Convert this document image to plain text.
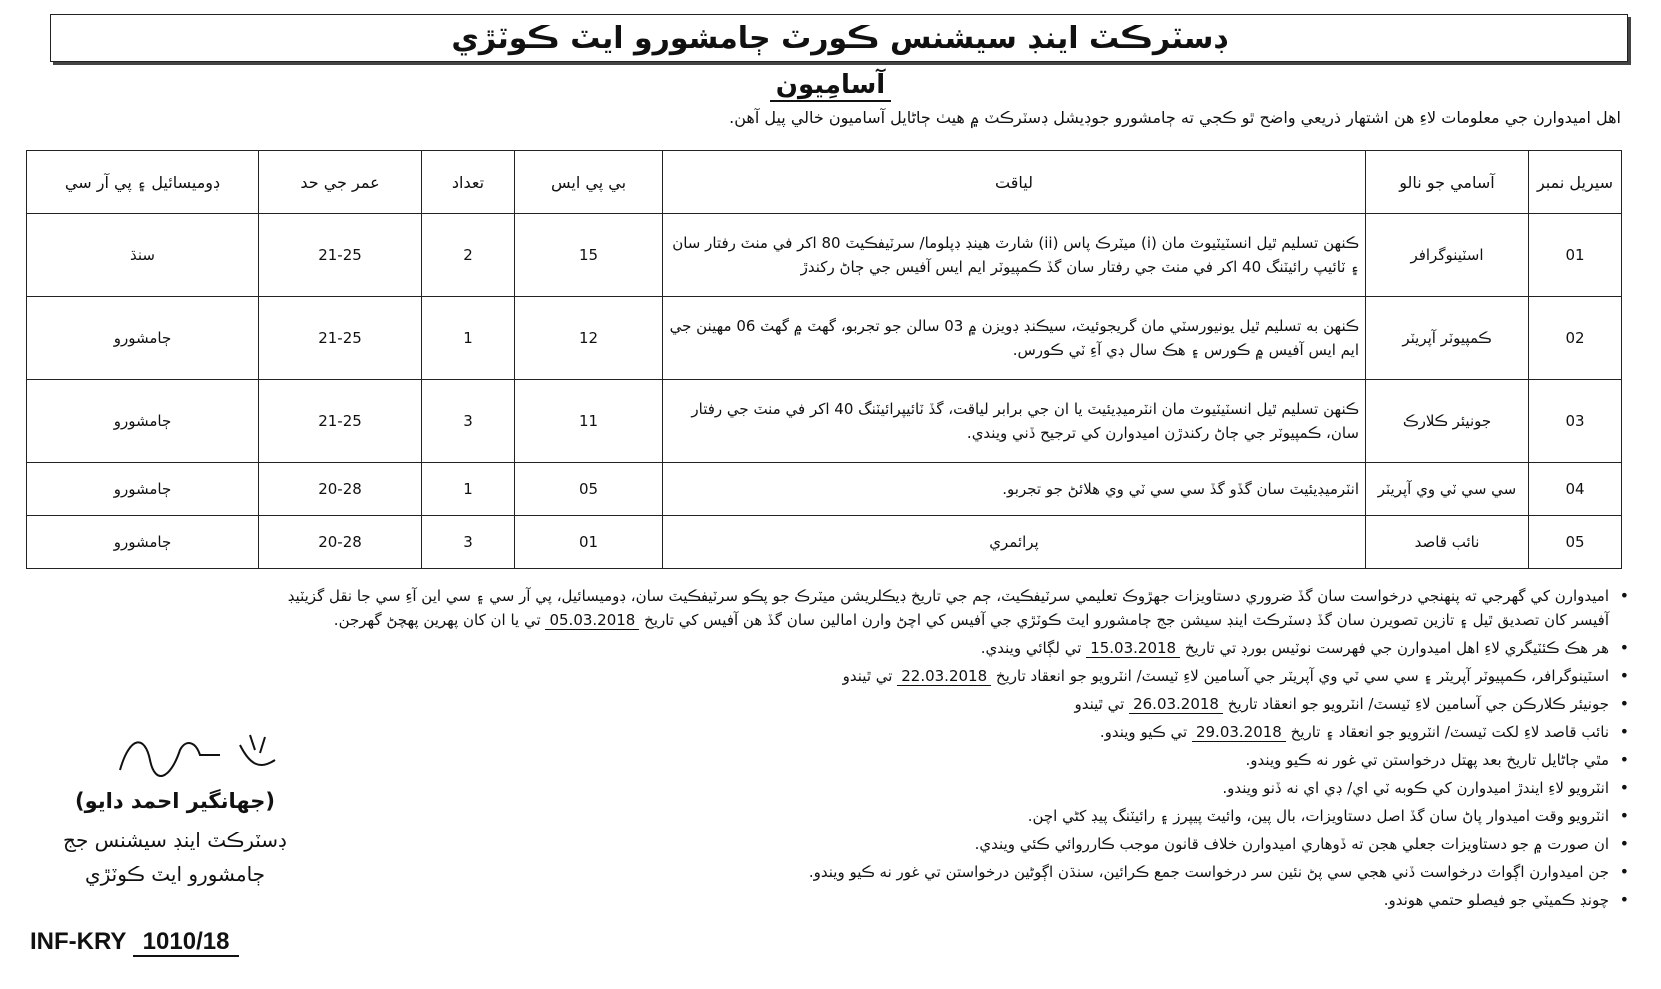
ڊسٽرڪٽ اينڊ سيشنس ڪورٽ ڄامشورو ايٽ ڪوٽڙي
آسامِيون
اهل اميدوارن جي معلومات لاءِ هن اشتهار ذريعي واضح ٿو ڪجي ته ڄامشورو جوڊيشل ڊسٽرڪٽ ۾ هيٺ ڄاڻايل آساميون خالي پيل آهن.
سيريل نمبر	آسامي جو نالو	لياقت	بي پي ايس	تعداد	عمر جي حد	ڊوميسائيل ۽ پي آر سي
01	اسٽينوگرافر	ڪنهن تسليم ٿيل انسٽيٽيوٽ مان (i) ميٽرڪ پاس (ii) شارٽ هينڊ ڊپلوما/ سرٽيفڪيٽ 80 اکر في منٽ رفتار سان ۽ ٽائيپ رائيٽنگ 40 اکر في منٽ جي رفتار سان گڏ ڪمپيوٽر ايم ايس آفيس جي ڄاڻ رکندڙ	15	2	21-25	سنڌ
02	ڪمپيوٽر آپريٽر	ڪنهن به تسليم ٿيل يونيورسٽي مان گريجوئيٽ، سيڪنڊ ڊويزن ۾ 03 سالن جو تجربو، گهٽ ۾ گهٽ 06 مهينن جي ايم ايس آفيس ۾ ڪورس ۽ هڪ سال ڊي آءِ ٽي ڪورس.	12	1	21-25	ڄامشورو
03	جونيئر ڪلارڪ	ڪنهن تسليم ٿيل انسٽيٽيوٽ مان انٽرميڊيئيٽ يا ان جي برابر لياقت، گڏ ٽائيپرائيٽنگ 40 اکر في منٽ جي رفتار سان، ڪمپيوٽر جي ڄاڻ رکندڙن اميدوارن کي ترجيح ڏني ويندي.	11	3	21-25	ڄامشورو
04	سي سي ٽي وي آپريٽر	انٽرميڊيئيٽ سان گڏو گڏ سي سي ٽي وي هلائڻ جو تجربو.	05	1	20-28	ڄامشورو
05	نائب قاصد	پرائمري	01	3	20-28	ڄامشورو
• اميدوارن کي گهرجي ته پنهنجي درخواست سان گڏ ضروري دستاويزات جهڙوڪ تعليمي سرٽيفڪيٽ، ڄم جي تاريخ ڊيڪلريشن ميٽرڪ جو پڪو سرٽيفڪيٽ سان، ڊوميسائيل، پي آر سي ۽ سي اين آءِ سي جا نقل گزيٽيڊ آفيسر کان تصديق ٿيل ۽ تازين تصويرن سان گڏ ڊسٽرڪٽ اينڊ سيشن جج ڄامشورو ايٽ ڪوٽڙي جي آفيس کي اچڻ وارن امالين سان گڏ هن آفيس کي تاريخ 05.03.2018 تي يا ان کان پهرين پهچڻ گهرجن.
• هر هڪ ڪئٽيگري لاءِ اهل اميدوارن جي فهرست نوٽيس بورڊ تي تاريخ 15.03.2018 تي لڳائي ويندي.
• اسٽينوگرافر، ڪمپيوٽر آپريٽر ۽ سي سي ٽي وي آپريٽر جي آسامين لاءِ ٽيسٽ/ انٽرويو جو انعقاد تاريخ 22.03.2018 تي ٿيندو
• جونيئر ڪلارڪن جي آسامين لاءِ ٽيسٽ/ انٽرويو جو انعقاد تاريخ 26.03.2018 تي ٿيندو
• نائب قاصد لاءِ لکت ٽيسٽ/ انٽرويو جو انعقاد ۽ تاريخ 29.03.2018 تي ڪيو ويندو.
• مٿي ڄاڻايل تاريخ بعد پهتل درخواستن تي غور نه ڪيو ويندو.
• انٽرويو لاءِ ايندڙ اميدوارن کي ڪوبه ٽي اي/ ڊي اي نه ڏنو ويندو.
• انٽرويو وقت اميدوار پاڻ سان گڏ اصل دستاويزات، بال پين، وائيٽ پيپرز ۽ رائيٽنگ پيڊ کڻي اچن.
• ان صورت ۾ جو دستاويزات جعلي هجن ته ڏوهاري اميدوارن خلاف قانون موجب ڪارروائي ڪئي ويندي.
• جن اميدوارن اڳواٽ درخواست ڏني هجي سي پڻ نئين سر درخواست جمع ڪرائين، سنڌن اڳوڻين درخواستن تي غور نه ڪيو ويندو.
• چونڊ ڪميٽي جو فيصلو حتمي هوندو.
(جهانگير احمد دايو)
ڊسٽرڪٽ اينڊ سيشنس جج
ڄامشورو ايٽ ڪوٽڙي
INF-KRY 1010/18
